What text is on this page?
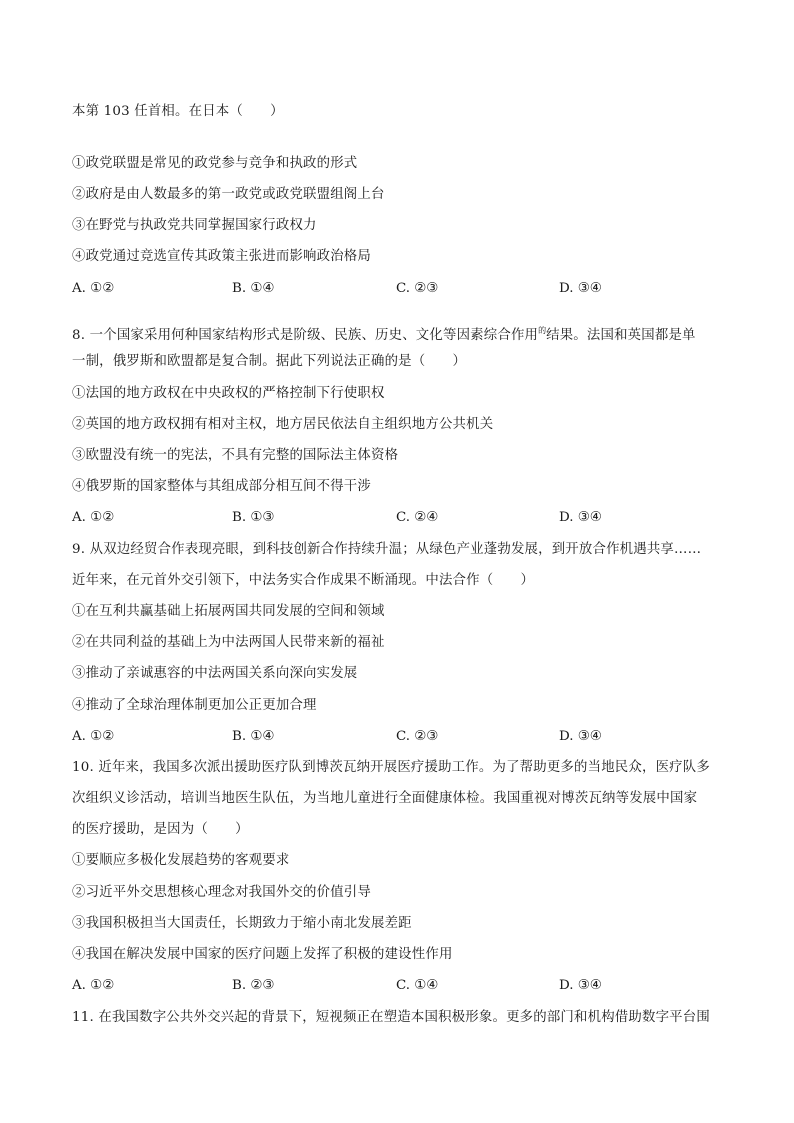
本第 103 任首相。在日本（　　）
①政党联盟是常见的政党参与竞争和执政的形式
②政府是由人数最多的第一政党或政党联盟组阁上台
③在野党与执政党共同掌握国家行政权力
④政党通过竞选宣传其政策主张进而影响政治格局
A. ①②	B. ①④	C. ②③	D. ③④
8. 一个国家采用何种国家结构形式是阶级、民族、历史、文化等因素综合作用$^的$结果。法国和英国都是单
一制，俄罗斯和欧盟都是复合制。据此下列说法正确的是（　　）
①法国的地方政权在中央政权的严格控制下行使职权
②英国的地方政权拥有相对主权，地方居民依法自主组织地方公共机关
③欧盟没有统一的宪法，不具有完整的国际法主体资格
④俄罗斯的国家整体与其组成部分相互间不得干涉
A. ①②	B. ①③	C. ②④	D. ③④
9. 从双边经贸合作表现亮眼，到科技创新合作持续升温；从绿色产业蓬勃发展，到开放合作机遇共享……
近年来，在元首外交引领下，中法务实合作成果不断涌现。中法合作（　　）
①在互利共赢基础上拓展两国共同发展的空间和领域
②在共同利益的基础上为中法两国人民带来新的福祉
③推动了亲诚惠容的中法两国关系向深向实发展
④推动了全球治理体制更加公正更加合理
A. ①②	B. ①④	C. ②③	D. ③④
10. 近年来，我国多次派出援助医疗队到博茨瓦纳开展医疗援助工作。为了帮助更多的当地民众，医疗队多
次组织义诊活动，培训当地医生队伍，为当地儿童进行全面健康体检。我国重视对博茨瓦纳等发展中国家
的医疗援助，是因为（　　）
①要顺应多极化发展趋势的客观要求
②习近平外交思想核心理念对我国外交的价值引导
③我国积极担当大国责任，长期致力于缩小南北发展差距
④我国在解决发展中国家的医疗问题上发挥了积极的建设性作用
A. ①②	B. ②③	C. ①④	D. ③④
11. 在我国数字公共外交兴起的背景下，短视频正在塑造本国积极形象。更多的部门和机构借助数字平台围
